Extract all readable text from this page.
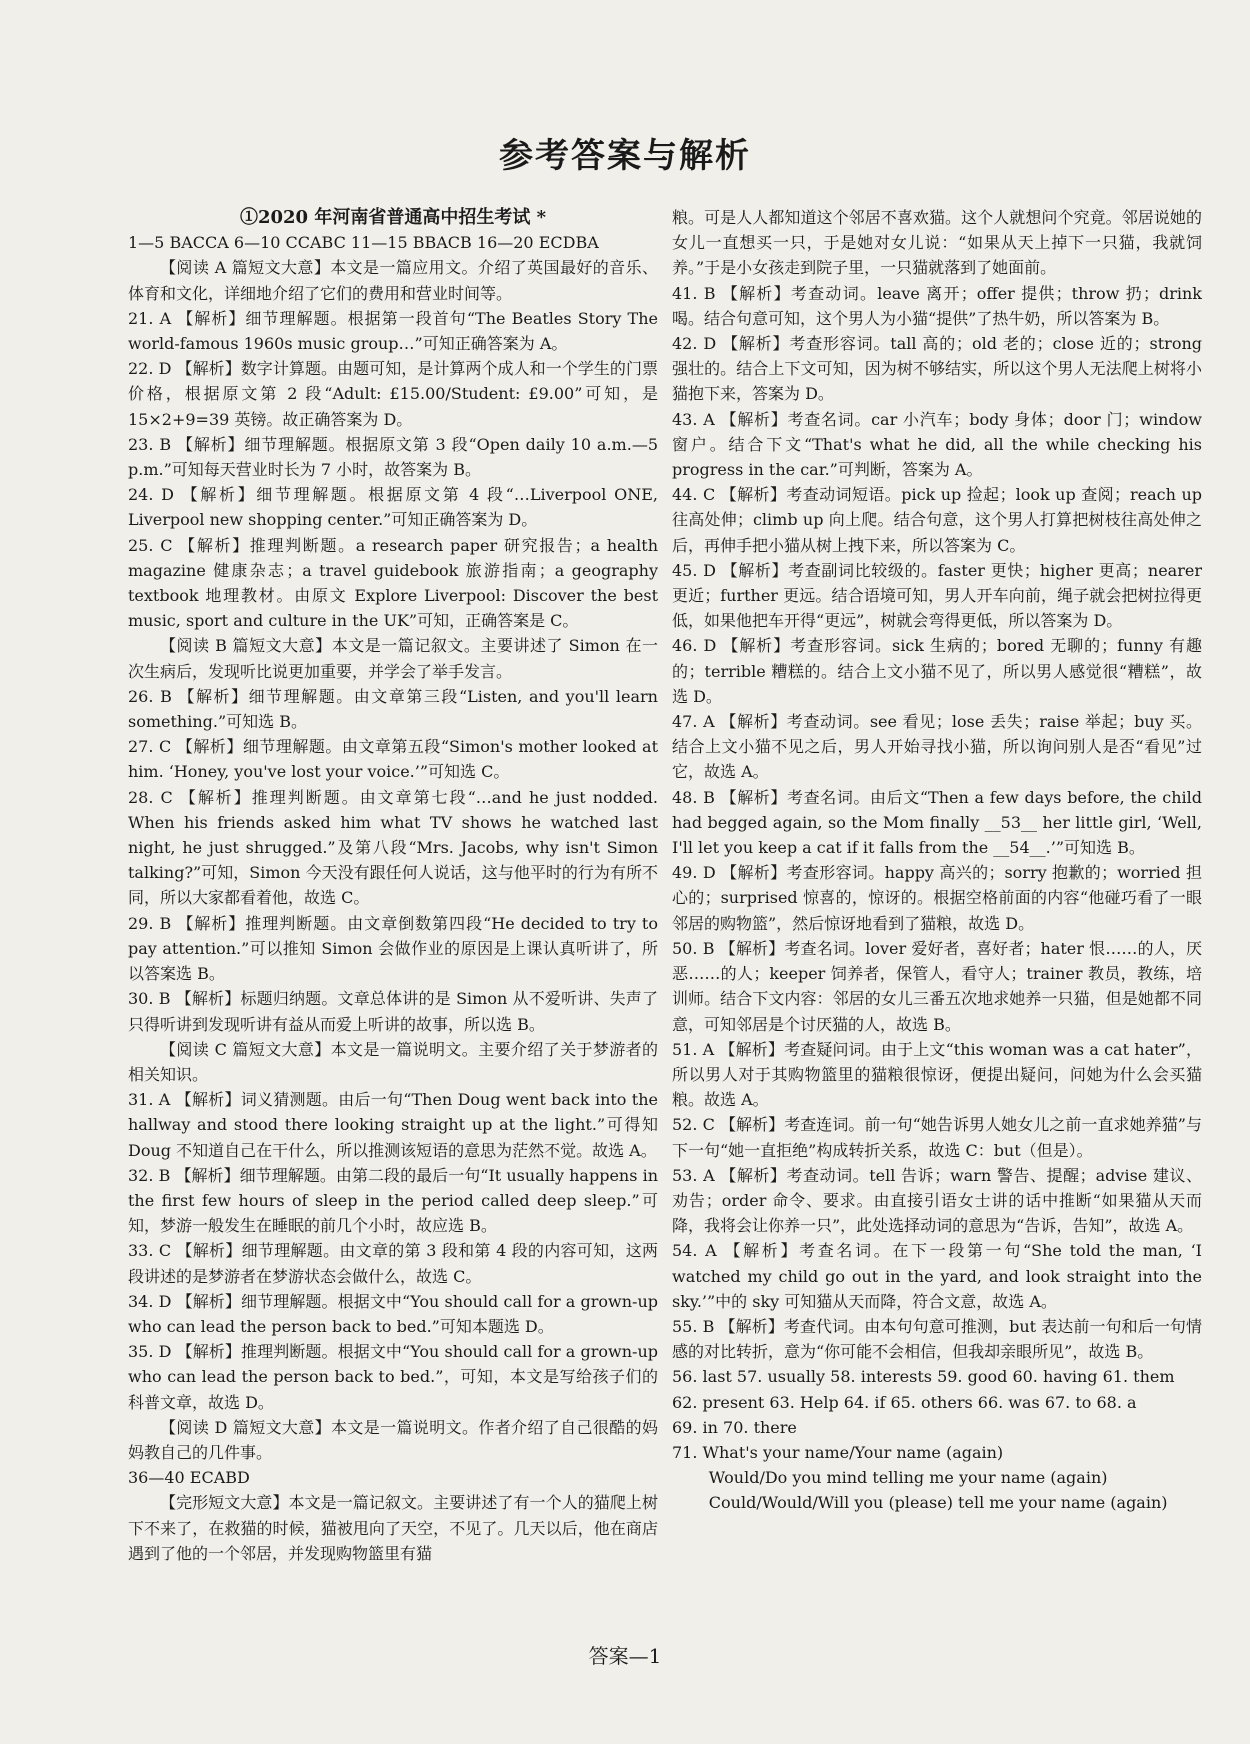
参考答案与解析

①2020 年河南省普通高中招生考试 *

1—5 BACCA 6—10 CCABC 11—15 BBACB 16—20 ECDBA

【阅读 A 篇短文大意】本文是一篇应用文。介绍了英国最好的音乐、体育和文化，详细地介绍了它们的费用和营业时间等。

21. A 【解析】细节理解题。根据第一段首句“The Beatles Story The world-famous 1960s music group…”可知正确答案为 A。

22. D 【解析】数字计算题。由题可知，是计算两个成人和一个学生的门票价格，根据原文第 2 段“Adult: £15.00/Student: £9.00”可知，是 15×2+9=39 英镑。故正确答案为 D。

23. B 【解析】细节理解题。根据原文第 3 段“Open daily 10 a.m.—5 p.m.”可知每天营业时长为 7 小时，故答案为 B。

24. D 【解析】细节理解题。根据原文第 4 段“…Liverpool ONE, Liverpool new shopping center.”可知正确答案为 D。

25. C 【解析】推理判断题。a research paper 研究报告；a health magazine 健康杂志；a travel guidebook 旅游指南；a geography textbook 地理教材。由原文 Explore Liverpool: Discover the best music, sport and culture in the UK”可知，正确答案是 C。

【阅读 B 篇短文大意】本文是一篇记叙文。主要讲述了 Simon 在一次生病后，发现听比说更加重要，并学会了举手发言。

26. B 【解析】细节理解题。由文章第三段“Listen, and you'll learn something.”可知选 B。

27. C 【解析】细节理解题。由文章第五段“Simon's mother looked at him. ‘Honey, you've lost your voice.’”可知选 C。

28. C 【解析】推理判断题。由文章第七段“…and he just nodded. When his friends asked him what TV shows he watched last night, he just shrugged.”及第八段“Mrs. Jacobs, why isn't Simon talking?”可知，Simon 今天没有跟任何人说话，这与他平时的行为有所不同，所以大家都看着他，故选 C。

29. B 【解析】推理判断题。由文章倒数第四段“He decided to try to pay attention.”可以推知 Simon 会做作业的原因是上课认真听讲了，所以答案选 B。

30. B 【解析】标题归纳题。文章总体讲的是 Simon 从不爱听讲、失声了只得听讲到发现听讲有益从而爱上听讲的故事，所以选 B。

【阅读 C 篇短文大意】本文是一篇说明文。主要介绍了关于梦游者的相关知识。

31. A 【解析】词义猜测题。由后一句“Then Doug went back into the hallway and stood there looking straight up at the light.”可得知 Doug 不知道自己在干什么，所以推测该短语的意思为茫然不觉。故选 A。

32. B 【解析】细节理解题。由第二段的最后一句“It usually happens in the first few hours of sleep in the period called deep sleep.”可知，梦游一般发生在睡眠的前几个小时，故应选 B。

33. C 【解析】细节理解题。由文章的第 3 段和第 4 段的内容可知，这两段讲述的是梦游者在梦游状态会做什么，故选 C。

34. D 【解析】细节理解题。根据文中“You should call for a grown-up who can lead the person back to bed.”可知本题选 D。

35. D 【解析】推理判断题。根据文中“You should call for a grown-up who can lead the person back to bed.”，可知，本文是写给孩子们的科普文章，故选 D。

【阅读 D 篇短文大意】本文是一篇说明文。作者介绍了自己很酷的妈妈教自己的几件事。

36—40 ECABD

【完形短文大意】本文是一篇记叙文。主要讲述了有一个人的猫爬上树下不来了，在救猫的时候，猫被甩向了天空，不见了。几天以后，他在商店遇到了他的一个邻居，并发现购物篮里有猫

粮。可是人人都知道这个邻居不喜欢猫。这个人就想问个究竟。邻居说她的女儿一直想买一只，于是她对女儿说：“如果从天上掉下一只猫，我就饲养。”于是小女孩走到院子里，一只猫就落到了她面前。

41. B 【解析】考查动词。leave 离开；offer 提供；throw 扔；drink 喝。结合句意可知，这个男人为小猫“提供”了热牛奶，所以答案为 B。

42. D 【解析】考查形容词。tall 高的；old 老的；close 近的；strong 强壮的。结合上下文可知，因为树不够结实，所以这个男人无法爬上树将小猫抱下来，答案为 D。

43. A 【解析】考查名词。car 小汽车；body 身体；door 门；window 窗户。结合下文“That's what he did, all the while checking his progress in the car.”可判断，答案为 A。

44. C 【解析】考查动词短语。pick up 捡起；look up 查阅；reach up 往高处伸；climb up 向上爬。结合句意，这个男人打算把树枝往高处伸之后，再伸手把小猫从树上拽下来，所以答案为 C。

45. D 【解析】考查副词比较级的。faster 更快；higher 更高；nearer 更近；further 更远。结合语境可知，男人开车向前，绳子就会把树拉得更低，如果他把车开得“更远”，树就会弯得更低，所以答案为 D。

46. D 【解析】考查形容词。sick 生病的；bored 无聊的；funny 有趣的；terrible 糟糕的。结合上文小猫不见了，所以男人感觉很“糟糕”，故选 D。

47. A 【解析】考查动词。see 看见；lose 丢失；raise 举起；buy 买。结合上文小猫不见之后，男人开始寻找小猫，所以询问别人是否“看见”过它，故选 A。

48. B 【解析】考查名词。由后文“Then a few days before, the child had begged again, so the Mom finally __53__ her little girl, ‘Well, I'll let you keep a cat if it falls from the __54__.’”可知选 B。

49. D 【解析】考查形容词。happy 高兴的；sorry 抱歉的；worried 担心的；surprised 惊喜的，惊讶的。根据空格前面的内容“他碰巧看了一眼邻居的购物篮”，然后惊讶地看到了猫粮，故选 D。

50. B 【解析】考查名词。lover 爱好者，喜好者；hater 恨……的人，厌恶……的人；keeper 饲养者，保管人，看守人；trainer 教员，教练，培训师。结合下文内容：邻居的女儿三番五次地求她养一只猫，但是她都不同意，可知邻居是个讨厌猫的人，故选 B。

51. A 【解析】考查疑问词。由于上文“this woman was a cat hater”，所以男人对于其购物篮里的猫粮很惊讶，便提出疑问，问她为什么会买猫粮。故选 A。

52. C 【解析】考查连词。前一句“她告诉男人她女儿之前一直求她养猫”与下一句“她一直拒绝”构成转折关系，故选 C：but（但是）。

53. A 【解析】考查动词。tell 告诉；warn 警告、提醒；advise 建议、劝告；order 命令、要求。由直接引语女士讲的话中推断“如果猫从天而降，我将会让你养一只”，此处选择动词的意思为“告诉，告知”，故选 A。

54. A 【解析】考查名词。在下一段第一句“She told the man, ‘I watched my child go out in the yard, and look straight into the sky.’”中的 sky 可知猫从天而降，符合文意，故选 A。

55. B 【解析】考查代词。由本句句意可推测，but 表达前一句和后一句情感的对比转折，意为“你可能不会相信，但我却亲眼所见”，故选 B。

56. last 57. usually 58. interests 59. good 60. having 61. them

62. present 63. Help 64. if 65. others 66. was 67. to 68. a

69. in 70. there

71. What's your name/Your name (again)

Would/Do you mind telling me your name (again)

Could/Would/Will you (please) tell me your name (again)

答案—1
